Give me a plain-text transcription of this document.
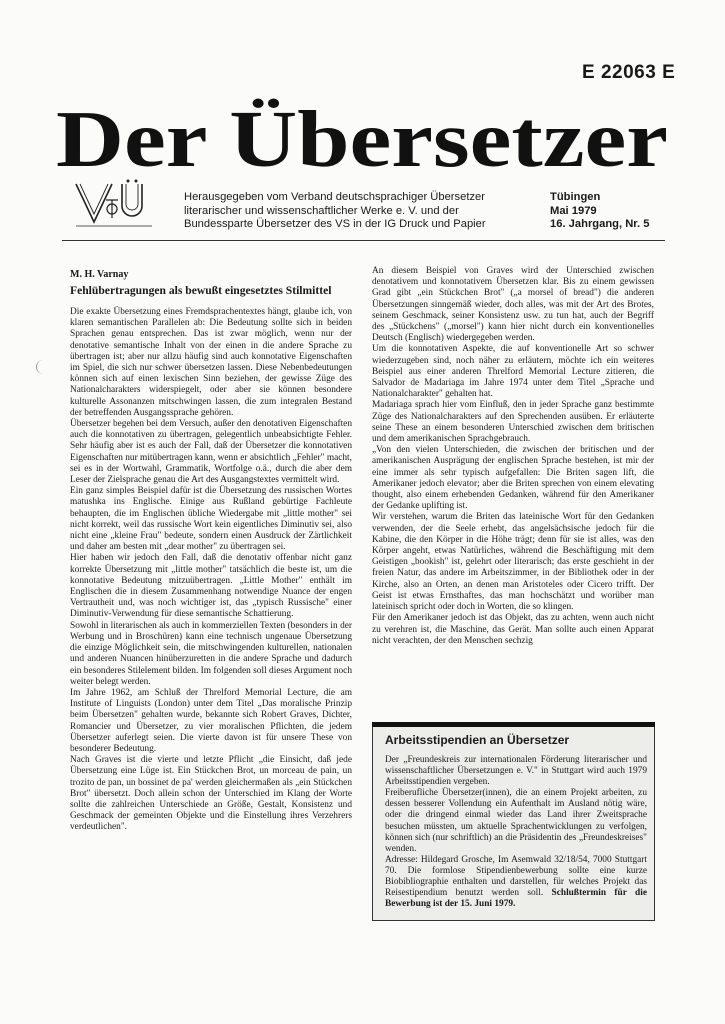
E 22063 E
Der Übersetzer
Herausgegeben vom Verband deutschsprachiger Übersetzer
literarischer und wissenschaftlicher Werke e. V. und der
Bundessparte Übersetzer des VS in der IG Druck und Papier
Tübingen
Mai 1979
16. Jahrgang, Nr. 5
M. H. Varnay
Fehlübertragungen als bewußt eingesetztes Stilmittel

Die exakte Übersetzung eines Fremdsprachentextes hängt, glaube ich, von klaren semantischen Parallelen ab: Die Bedeutung sollte sich in beiden Sprachen genau entsprechen. Das ist zwar möglich, wenn nur der denotative semantische Inhalt von der einen in die andere Sprache zu übertragen ist; aber nur allzu häufig sind auch konnotative Eigenschaften im Spiel, die sich nur schwer übersetzen lassen. Diese Nebenbedeutungen können sich auf einen lexischen Sinn beziehen, der gewisse Züge des Nationalcharakters widerspiegelt, oder aber sie können besondere kulturelle Assonanzen mitschwingen lassen, die zum integralen Bestand der betreffenden Ausgangssprache gehören.

Übersetzer begehen bei dem Versuch, außer den denotativen Eigenschaften auch die konnotativen zu übertragen, gelegentlich unbeabsichtigte Fehler. Sehr häufig aber ist es auch der Fall, daß der Übersetzer die konnotativen Eigenschaften nur mitübertragen kann, wenn er absichtlich „Fehler" macht, sei es in der Wortwahl, Grammatik, Wortfolge o.ä., durch die aber dem Leser der Zielsprache genau die Art des Ausgangstextes vermittelt wird.

Ein ganz simples Beispiel dafür ist die Übersetzung des russischen Wortes matushka ins Englische. Einige aus Rußland gebürtige Fachleute behaupten, die im Englischen übliche Wiedergabe mit „little mother" sei nicht korrekt, weil das russische Wort kein eigentliches Diminutiv sei, also nicht eine „kleine Frau" bedeute, sondern einen Ausdruck der Zärtlichkeit und daher am besten mit „dear mother" zu übertragen sei.

Hier haben wir jedoch den Fall, daß die denotativ offenbar nicht ganz korrekte Übersetzung mit „little mother" tatsächlich die beste ist, um die konnotative Bedeutung mitzuübertragen. „Little Mother" enthält im Englischen die in diesem Zusammenhang notwendige Nuance der engen Vertrautheit und, was noch wichtiger ist, das „typisch Russische" einer Diminutiv-Verwendung für diese semantische Schattierung.

Sowohl in literarischen als auch in kommerziellen Texten (besonders in der Werbung und in Broschüren) kann eine technisch ungenaue Übersetzung die einzige Möglichkeit sein, die mitschwingenden kulturellen, nationalen und anderen Nuancen hinüberzuretten in die andere Sprache und dadurch ein besonderes Stilelement bilden. Im folgenden soll dieses Argument noch weiter belegt werden.

Im Jahre 1962, am Schluß der Threlford Memorial Lecture, die am Institute of Linguists (London) unter dem Titel „Das moralische Prinzip beim Übersetzen" gehalten wurde, bekannte sich Robert Graves, Dichter, Romancier und Übersetzer, zu vier moralischen Pflichten, die jedem Übersetzer auferlegt seien. Die vierte davon ist für unsere These von besonderer Bedeutung.

Nach Graves ist die vierte und letzte Pflicht „die Einsicht, daß jede Übersetzung eine Lüge ist. Ein Stückchen Brot, un morceau de pain, un trozito de pan, un bossinet de pa' werden gleichermaßen als „ein Stückchen Brot" übersetzt. Doch allein schon der Unterschied im Klang der Worte sollte die zahlreichen Unterschiede an Größe, Gestalt, Konsistenz und Geschmack der gemeinten Objekte und die Einstellung ihres Verzehrers verdeutlichen".

An diesem Beispiel von Graves wird der Unterschied zwischen denotativem und konnotativem Übersetzen klar. Bis zu einem gewissen Grad gibt „ein Stückchen Brot" („a morsel of bread") die anderen Übersetzungen sinngemäß wieder, doch alles, was mit der Art des Brotes, seinem Geschmack, seiner Konsistenz usw. zu tun hat, auch der Begriff des „Stückchens" („morsel") kann hier nicht durch ein konventionelles Deutsch (Englisch) wiedergegeben werden.

Um die konnotativen Aspekte, die auf konventionelle Art so schwer wiederzugeben sind, noch näher zu erläutern, möchte ich ein weiteres Beispiel aus einer anderen Threlford Memorial Lecture zitieren, die Salvador de Madariaga im Jahre 1974 unter dem Titel „Sprache und Nationalcharakter" gehalten hat.

Madariaga sprach hier vom Einfluß, den in jeder Sprache ganz bestimmte Züge des Nationalcharakters auf den Sprechenden ausüben. Er erläuterte seine These an einem besonderen Unterschied zwischen dem britischen und dem amerikanischen Sprachgebrauch.

„Von den vielen Unterschieden, die zwischen der britischen und der amerikanischen Ausprägung der englischen Sprache bestehen, ist mir der eine immer als sehr typisch aufgefallen: Die Briten sagen lift, die Amerikaner jedoch elevator; aber die Briten sprechen von einem elevating thought, also einem erhebenden Gedanken, während für den Amerikaner der Gedanke uplifting ist.

Wir verstehen, warum die Briten das lateinische Wort für den Gedanken verwenden, der die Seele erhebt, das angelsächsische jedoch für die Kabine, die den Körper in die Höhe trägt; denn für sie ist alles, was den Körper angeht, etwas Natürliches, während die Beschäftigung mit dem Geistigen „bookish" ist, gelehrt oder literarisch; das erste geschieht in der freien Natur, das andere im Arbeitszimmer, in der Bibliothek oder in der Kirche, also an Orten, an denen man Aristoteles oder Cicero trifft. Der Geist ist etwas Ernsthaftes, das man hochschätzt und worüber man lateinisch spricht oder doch in Worten, die so klingen.

Für den Amerikaner jedoch ist das Objekt, das zu achten, wenn auch nicht zu verehren ist, die Maschine, das Gerät. Man sollte auch einen Apparat nicht verachten, der den Menschen sechzig

Arbeitsstipendien an Übersetzer

Der „Freundeskreis zur internationalen Förderung literarischer und wissenschaftlicher Übersetzungen e. V." in Stuttgart wird auch 1979 Arbeitsstipendien vergeben.

Freiberufliche Übersetzer(innen), die an einem Projekt arbeiten, zu dessen besserer Vollendung ein Aufenthalt im Ausland nötig wäre, oder die dringend einmal wieder das Land ihrer Zweitsprache besuchen müssten, um aktuelle Sprachentwicklungen zu verfolgen, können sich (nur schriftlich) an die Präsidentin des „Freundeskreises" wenden.

Adresse: Hildegard Grosche, Im Asemwald 32/18/54, 7000 Stuttgart 70. Die formlose Stipendienbewerbung sollte eine kurze Biobibliographie enthalten und darstellen, für welches Projekt das Reisestipendium benutzt werden soll. Schlußtermin für die Bewerbung ist der 15. Juni 1979.
